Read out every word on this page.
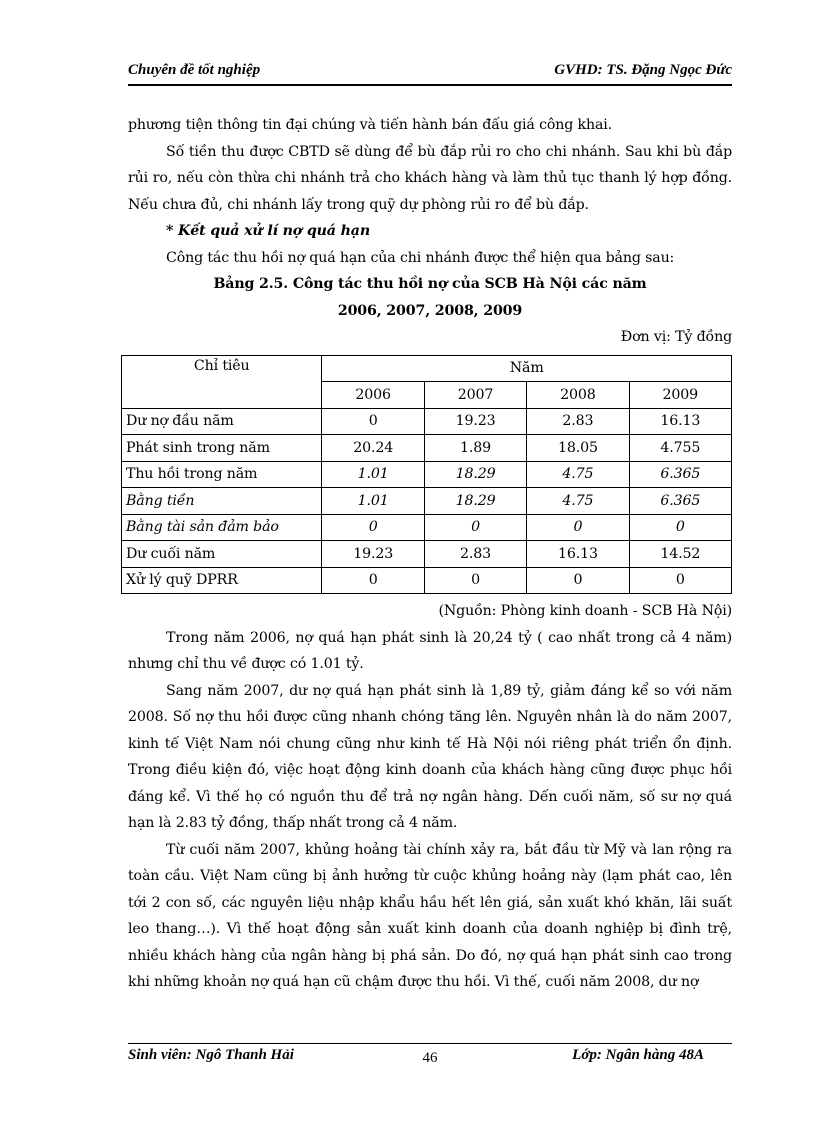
Chuyên đề tốt nghiệp	GVHD: TS. Đặng Ngọc Đức

phương tiện thông tin đại chúng và tiến hành bán đấu giá công khai.

Số tiền thu được CBTD sẽ dùng để bù đắp rủi ro cho chi nhánh. Sau khi bù đắp rủi ro, nếu còn thừa chi nhánh trả cho khách hàng và làm thủ tục thanh lý hợp đồng. Nếu chưa đủ, chi nhánh lấy trong quỹ dự phòng rủi ro để bù đắp.

* Kết quả xử lí nợ quá hạn

Công tác thu hồi nợ quá hạn của chi nhánh được thể hiện qua bảng sau:

Bảng 2.5. Công tác thu hồi nợ của SCB Hà Nội các năm

2006, 2007, 2008, 2009

Đơn vị: Tỷ đồng

Chỉ tiêu	Năm			
	2006	2007	2008	2009
Dư nợ đầu năm	0	19.23	2.83	16.13
Phát sinh trong năm	20.24	1.89	18.05	4.755
Thu hồi trong năm	1.01	18.29	4.75	6.365
Bằng tiền	1.01	18.29	4.75	6.365
Bằng tài sản đảm bảo	0	0	0	0
Dư cuối năm	19.23	2.83	16.13	14.52
Xử lý quỹ DPRR	0	0	0	0

(Nguồn: Phòng kinh doanh - SCB Hà Nội)

Trong năm 2006, nợ quá hạn phát sinh là 20,24 tỷ ( cao nhất trong cả 4 năm) nhưng chỉ thu về được có 1.01 tỷ.

Sang năm 2007, dư nợ quá hạn phát sinh là 1,89 tỷ, giảm đáng kể so với năm 2008. Số nợ thu hồi được cũng nhanh chóng tăng lên. Nguyên nhân là do năm 2007, kinh tế Việt Nam nói chung cũng như kinh tế Hà Nội nói riêng phát triển ổn định. Trong điều kiện đó, việc hoạt động kinh doanh của khách hàng cũng được phục hồi đáng kể. Vì thế họ có nguồn thu để trả nợ ngân hàng. Dến cuối năm, số sư nợ quá hạn là 2.83 tỷ đồng, thấp nhất trong cả 4 năm.

Từ cuối năm 2007, khủng hoảng tài chính xảy ra, bắt đầu từ Mỹ và lan rộng ra toàn cầu. Việt Nam cũng bị ảnh hưởng từ cuộc khủng hoảng này (lạm phát cao, lên tới 2 con số, các nguyên liệu nhập khẩu hầu hết lên giá, sản xuất khó khăn, lãi suất leo thang…). Vì thế hoạt động sản xuất kinh doanh của doanh nghiệp bị đình trệ, nhiều khách hàng của ngân hàng bị phá sản. Do đó, nợ quá hạn phát sinh cao trong khi những khoản nợ quá hạn cũ chậm được thu hồi. Vì thế, cuối năm 2008, dư nợ

Sinh viên: Ngô Thanh Hải	46	Lớp: Ngân hàng 48A
